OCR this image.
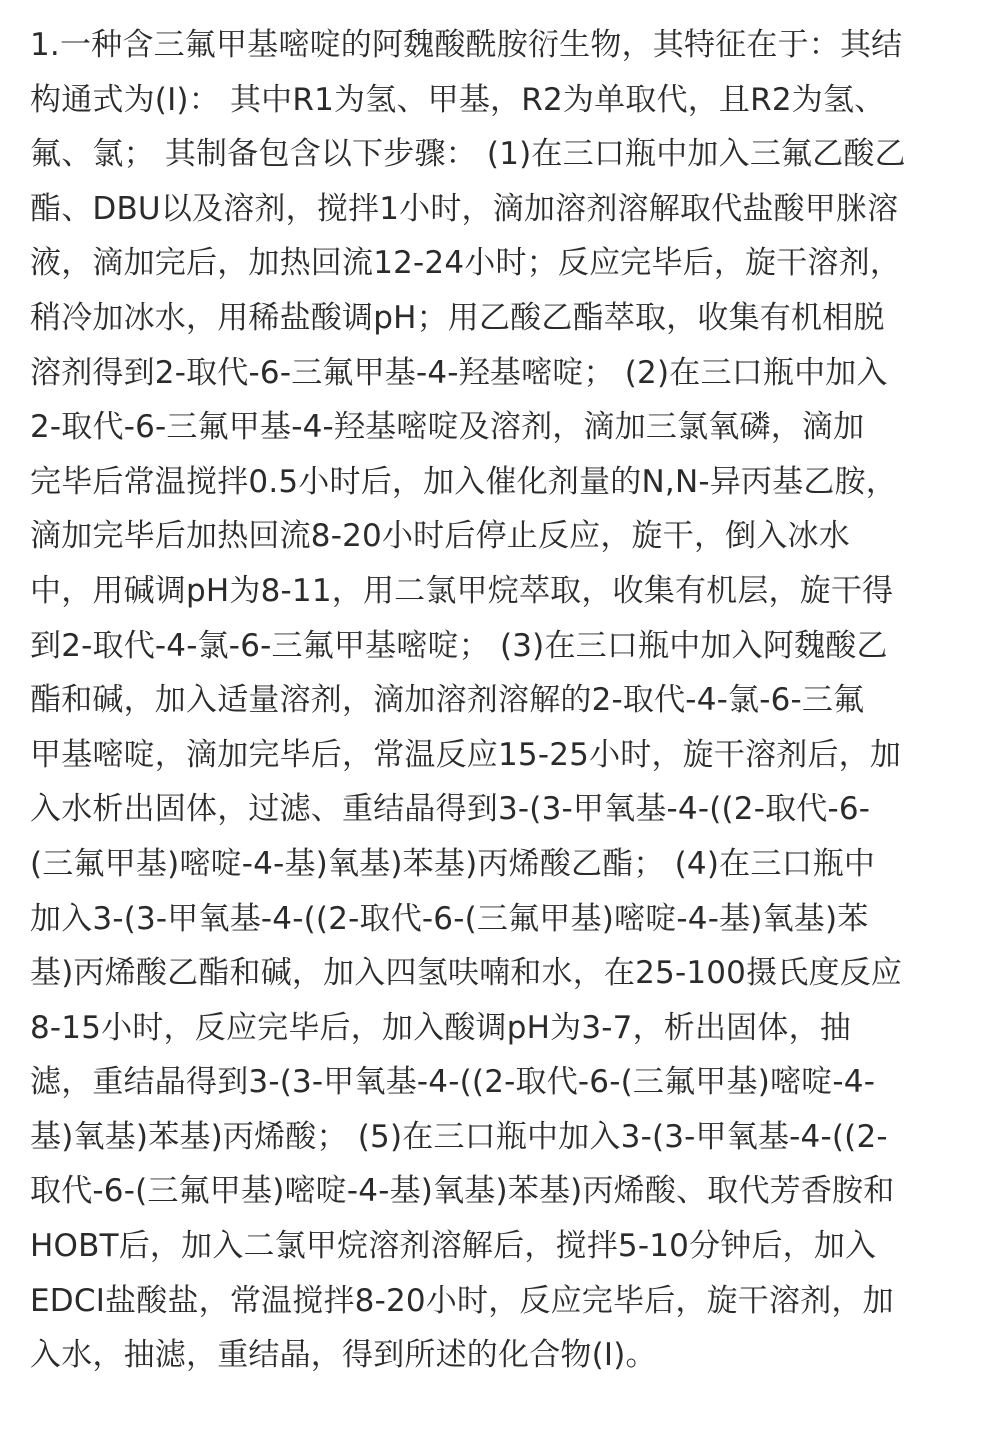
1.一种含三氟甲基嘧啶的阿魏酸酰胺衍生物，其特征在于：其结
构通式为(I)： 其中R1为氢、甲基，R2为单取代，且R2为氢、
氟、氯； 其制备包含以下步骤： (1)在三口瓶中加入三氟乙酸乙
酯、DBU以及溶剂，搅拌1小时，滴加溶剂溶解取代盐酸甲脒溶
液，滴加完后，加热回流12-24小时；反应完毕后，旋干溶剂，
稍冷加冰水，用稀盐酸调pH；用乙酸乙酯萃取，收集有机相脱
溶剂得到2-取代-6-三氟甲基-4-羟基嘧啶； (2)在三口瓶中加入
2-取代-6-三氟甲基-4-羟基嘧啶及溶剂，滴加三氯氧磷，滴加
完毕后常温搅拌0.5小时后，加入催化剂量的N,N-异丙基乙胺，
滴加完毕后加热回流8-20小时后停止反应，旋干，倒入冰水
中，用碱调pH为8-11，用二氯甲烷萃取，收集有机层，旋干得
到2-取代-4-氯-6-三氟甲基嘧啶； (3)在三口瓶中加入阿魏酸乙
酯和碱，加入适量溶剂，滴加溶剂溶解的2-取代-4-氯-6-三氟
甲基嘧啶，滴加完毕后，常温反应15-25小时，旋干溶剂后，加
入水析出固体，过滤、重结晶得到3-(3-甲氧基-4-((2-取代-6-
(三氟甲基)嘧啶-4-基)氧基)苯基)丙烯酸乙酯； (4)在三口瓶中
加入3-(3-甲氧基-4-((2-取代-6-(三氟甲基)嘧啶-4-基)氧基)苯
基)丙烯酸乙酯和碱，加入四氢呋喃和水，在25-100摄氏度反应
8-15小时，反应完毕后，加入酸调pH为3-7，析出固体，抽
滤，重结晶得到3-(3-甲氧基-4-((2-取代-6-(三氟甲基)嘧啶-4-
基)氧基)苯基)丙烯酸； (5)在三口瓶中加入3-(3-甲氧基-4-((2-
取代-6-(三氟甲基)嘧啶-4-基)氧基)苯基)丙烯酸、取代芳香胺和
HOBT后，加入二氯甲烷溶剂溶解后，搅拌5-10分钟后，加入
EDCI盐酸盐，常温搅拌8-20小时，反应完毕后，旋干溶剂，加
入水，抽滤，重结晶，得到所述的化合物(I)。
